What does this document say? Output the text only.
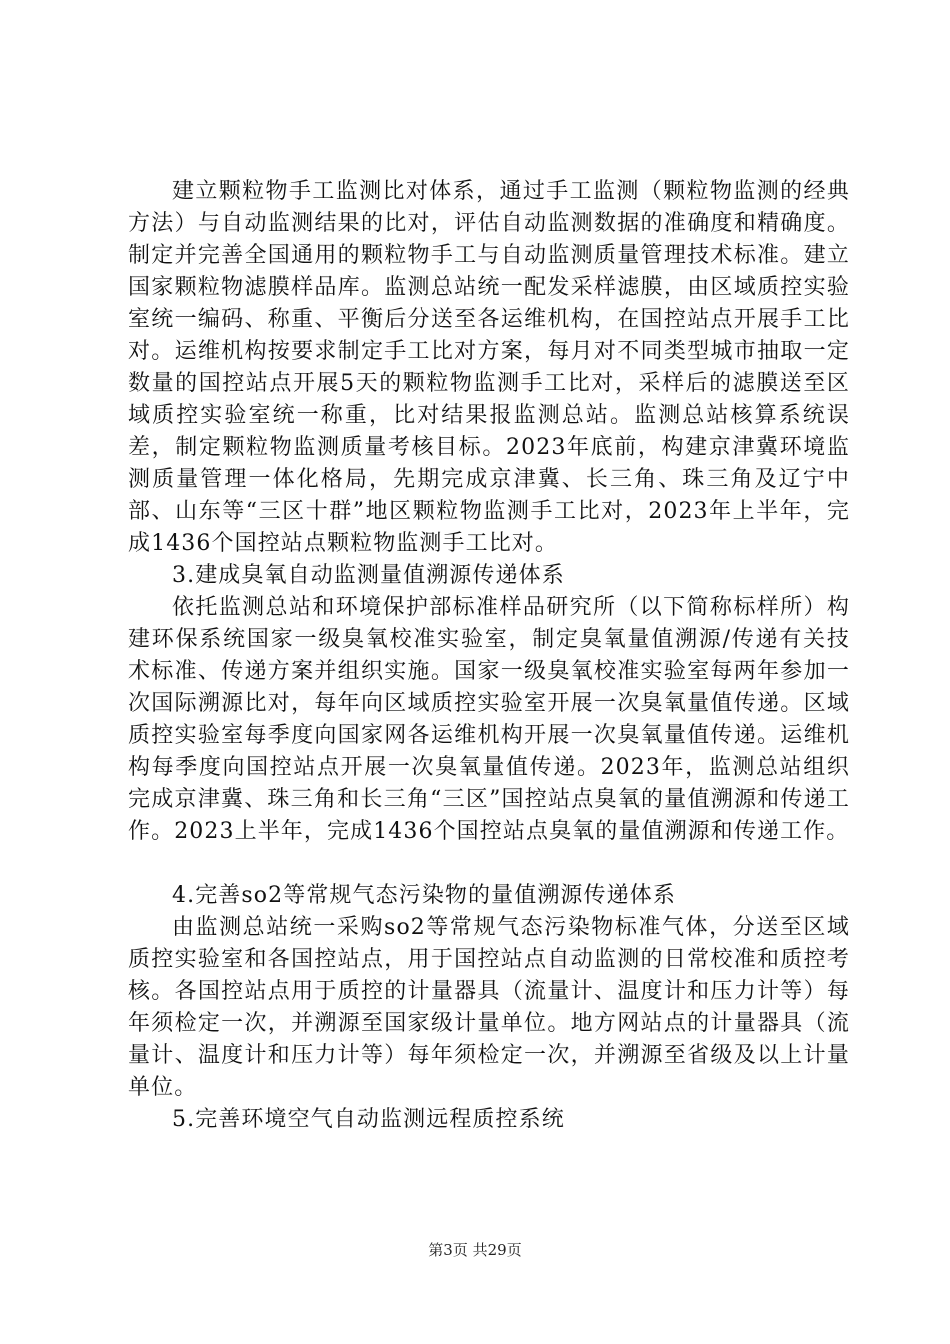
建立颗粒物手工监测比对体系，通过手工监测（颗粒物监测的经典方法）与自动监测结果的比对，评估自动监测数据的准确度和精确度。制定并完善全国通用的颗粒物手工与自动监测质量管理技术标准。建立国家颗粒物滤膜样品库。监测总站统一配发采样滤膜，由区域质控实验室统一编码、称重、平衡后分送至各运维机构，在国控站点开展手工比对。运维机构按要求制定手工比对方案，每月对不同类型城市抽取一定数量的国控站点开展5天的颗粒物监测手工比对，采样后的滤膜送至区域质控实验室统一称重，比对结果报监测总站。监测总站核算系统误差，制定颗粒物监测质量考核目标。2023年底前，构建京津冀环境监测质量管理一体化格局，先期完成京津冀、长三角、珠三角及辽宁中部、山东等“三区十群”地区颗粒物监测手工比对，2023年上半年，完成1436个国控站点颗粒物监测手工比对。

3.建成臭氧自动监测量值溯源传递体系

依托监测总站和环境保护部标准样品研究所（以下简称标样所）构建环保系统国家一级臭氧校准实验室，制定臭氧量值溯源/传递有关技术标准、传递方案并组织实施。国家一级臭氧校准实验室每两年参加一次国际溯源比对，每年向区域质控实验室开展一次臭氧量值传递。区域质控实验室每季度向国家网各运维机构开展一次臭氧量值传递。运维机构每季度向国控站点开展一次臭氧量值传递。2023年，监测总站组织完成京津冀、珠三角和长三角“三区”国控站点臭氧的量值溯源和传递工作。2023上半年，完成1436个国控站点臭氧的量值溯源和传递工作。

4.完善so2等常规气态污染物的量值溯源传递体系

由监测总站统一采购so2等常规气态污染物标准气体，分送至区域质控实验室和各国控站点，用于国控站点自动监测的日常校准和质控考核。各国控站点用于质控的计量器具（流量计、温度计和压力计等）每年须检定一次，并溯源至国家级计量单位。地方网站点的计量器具（流量计、温度计和压力计等）每年须检定一次，并溯源至省级及以上计量单位。

5.完善环境空气自动监测远程质控系统

第3页 共29页
